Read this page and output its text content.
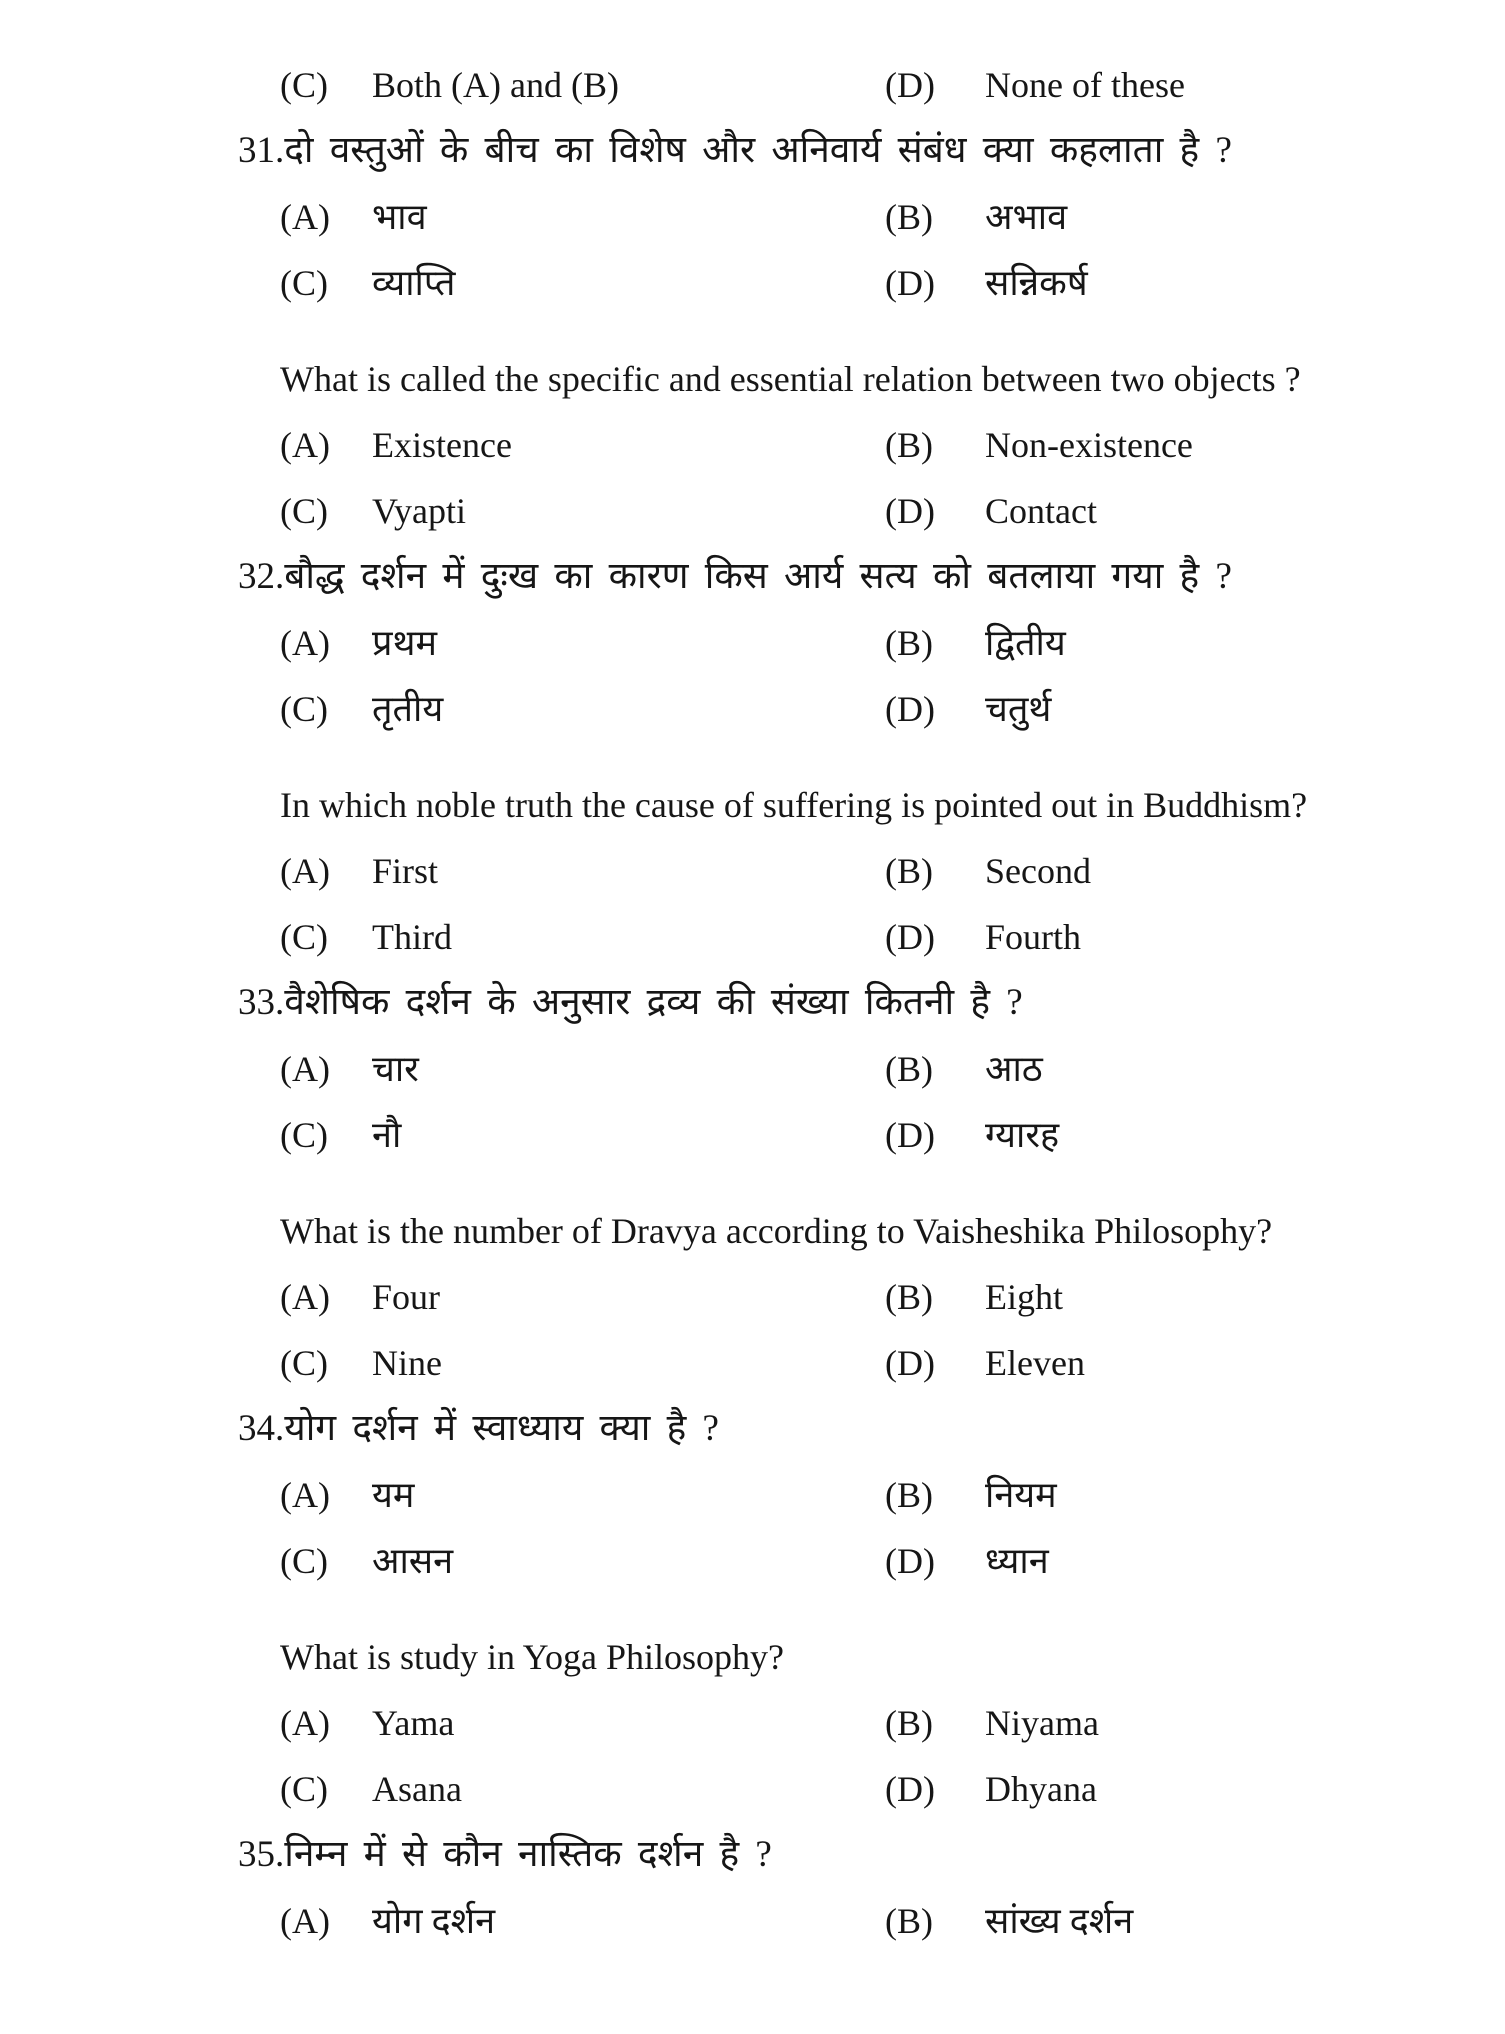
(C)	Both (A) and (B)	(D)	None of these
31.दो वस्तुओं के बीच का विशेष और अनिवार्य संबंध क्या कहलाता है ?
(A)	भाव	(B)	अभाव
(C)	व्याप्ति	(D)	सन्निकर्ष
What is called the specific and essential relation between two objects ?
(A)	Existence	(B)	Non-existence
(C)	Vyapti	(D)	Contact
32.बौद्ध दर्शन में दुःख का कारण किस आर्य सत्य को बतलाया गया है ?
(A)	प्रथम	(B)	द्वितीय
(C)	तृतीय	(D)	चतुर्थ
In which noble truth the cause of suffering is pointed out in Buddhism?
(A)	First	(B)	Second
(C)	Third	(D)	Fourth
33.वैशेषिक दर्शन के अनुसार द्रव्य की संख्या कितनी है ?
(A)	चार	(B)	आठ
(C)	नौ	(D)	ग्यारह
What is the number of Dravya according to Vaisheshika Philosophy?
(A)	Four	(B)	Eight
(C)	Nine	(D)	Eleven
34.योग दर्शन में स्वाध्याय क्या है ?
(A)	यम	(B)	नियम
(C)	आसन	(D)	ध्यान
What is study in Yoga Philosophy?
(A)	Yama	(B)	Niyama
(C)	Asana	(D)	Dhyana
35.निम्न में से कौन नास्तिक दर्शन है ?
(A)	योग दर्शन	(B)	सांख्य दर्शन
